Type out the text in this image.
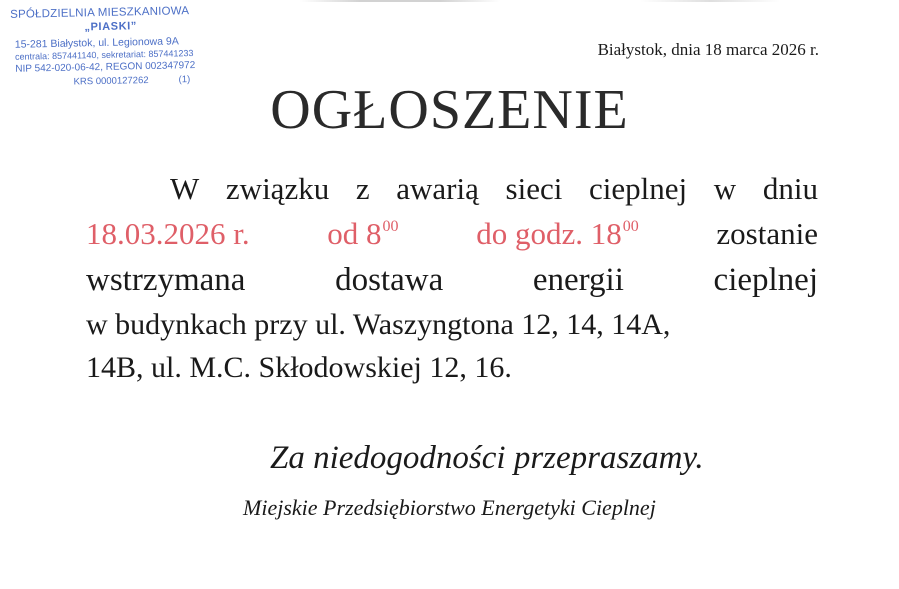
SPÓŁDZIELNIA MIESZKANIOWA
„PIASKI”
15-281 Białystok, ul. Legionowa 9A
centrala: 857441140, sekretariat: 857441233
NIP 542-020-06-42, REGON 002347972
KRS 0000127262	(1)
Białystok, dnia 18 marca 2026 r.
OGŁOSZENIE
W związku z awarią sieci cieplnej w dniu
18.03.2026 r.	od $8^{00}$	do godz. $18^{00}$	zostanie
wstrzymana	dostawa	energii	cieplnej
w budynkach przy ul. Waszyngtona 12, 14, 14A,
14B, ul. M.C. Skłodowskiej 12, 16.
Za niedogodności przepraszamy.
Miejskie Przedsiębiorstwo Energetyki Cieplnej
